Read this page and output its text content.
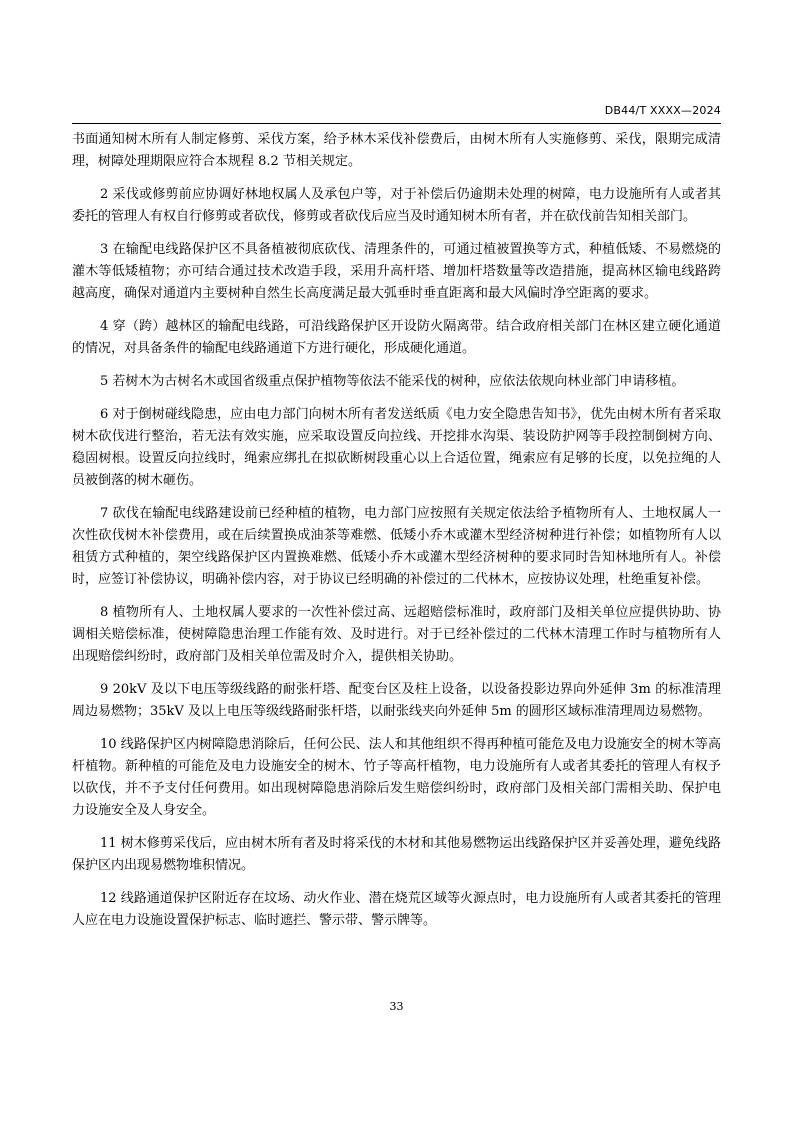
DB44/T XXXX—2024

书面通知树木所有人制定修剪、采伐方案，给予林木采伐补偿费后，由树木所有人实施修剪、采伐，限期完成清理，树障处理期限应符合本规程 8.2 节相关规定。

2 采伐或修剪前应协调好林地权属人及承包户等，对于补偿后仍逾期未处理的树障，电力设施所有人或者其委托的管理人有权自行修剪或者砍伐，修剪或者砍伐后应当及时通知树木所有者，并在砍伐前告知相关部门。

3 在输配电线路保护区不具备植被彻底砍伐、清理条件的，可通过植被置换等方式，种植低矮、不易燃烧的灌木等低矮植物；亦可结合通过技术改造手段，采用升高杆塔、增加杆塔数量等改造措施，提高林区输电线路跨越高度，确保对通道内主要树种自然生长高度满足最大弧垂时垂直距离和最大风偏时净空距离的要求。

4 穿（跨）越林区的输配电线路，可沿线路保护区开设防火隔离带。结合政府相关部门在林区建立硬化通道的情况，对具备条件的输配电线路通道下方进行硬化，形成硬化通道。

5 若树木为古树名木或国省级重点保护植物等依法不能采伐的树种，应依法依规向林业部门申请移植。

6 对于倒树碰线隐患，应由电力部门向树木所有者发送纸质《电力安全隐患告知书》，优先由树木所有者采取树木砍伐进行整治，若无法有效实施，应采取设置反向拉线、开挖排水沟渠、装设防护网等手段控制倒树方向、稳固树根。设置反向拉线时，绳索应绑扎在拟砍断树段重心以上合适位置，绳索应有足够的长度，以免拉绳的人员被倒落的树木砸伤。

7 砍伐在输配电线路建设前已经种植的植物，电力部门应按照有关规定依法给予植物所有人、土地权属人一次性砍伐树木补偿费用，或在后续置换成油茶等难燃、低矮小乔木或灌木型经济树种进行补偿；如植物所有人以租赁方式种植的，架空线路保护区内置换难燃、低矮小乔木或灌木型经济树种的要求同时告知林地所有人。补偿时，应签订补偿协议，明确补偿内容，对于协议已经明确的补偿过的二代林木，应按协议处理，杜绝重复补偿。

8 植物所有人、土地权属人要求的一次性补偿过高、远超赔偿标准时，政府部门及相关单位应提供协助、协调相关赔偿标准，使树障隐患治理工作能有效、及时进行。对于已经补偿过的二代林木清理工作时与植物所有人出现赔偿纠纷时，政府部门及相关单位需及时介入，提供相关协助。

9 20kV 及以下电压等级线路的耐张杆塔、配变台区及柱上设备，以设备投影边界向外延伸 3m 的标准清理周边易燃物；35kV 及以上电压等级线路耐张杆塔，以耐张线夹向外延伸 5m 的圆形区域标准清理周边易燃物。

10 线路保护区内树障隐患消除后，任何公民、法人和其他组织不得再种植可能危及电力设施安全的树木等高杆植物。新种植的可能危及电力设施安全的树木、竹子等高杆植物，电力设施所有人或者其委托的管理人有权予以砍伐，并不予支付任何费用。如出现树障隐患消除后发生赔偿纠纷时，政府部门及相关部门需相关助、保护电力设施安全及人身安全。

11 树木修剪采伐后，应由树木所有者及时将采伐的木材和其他易燃物运出线路保护区并妥善处理，避免线路保护区内出现易燃物堆积情况。

12 线路通道保护区附近存在坟场、动火作业、潜在烧荒区域等火源点时，电力设施所有人或者其委托的管理人应在电力设施设置保护标志、临时遮拦、警示带、警示牌等。

33
